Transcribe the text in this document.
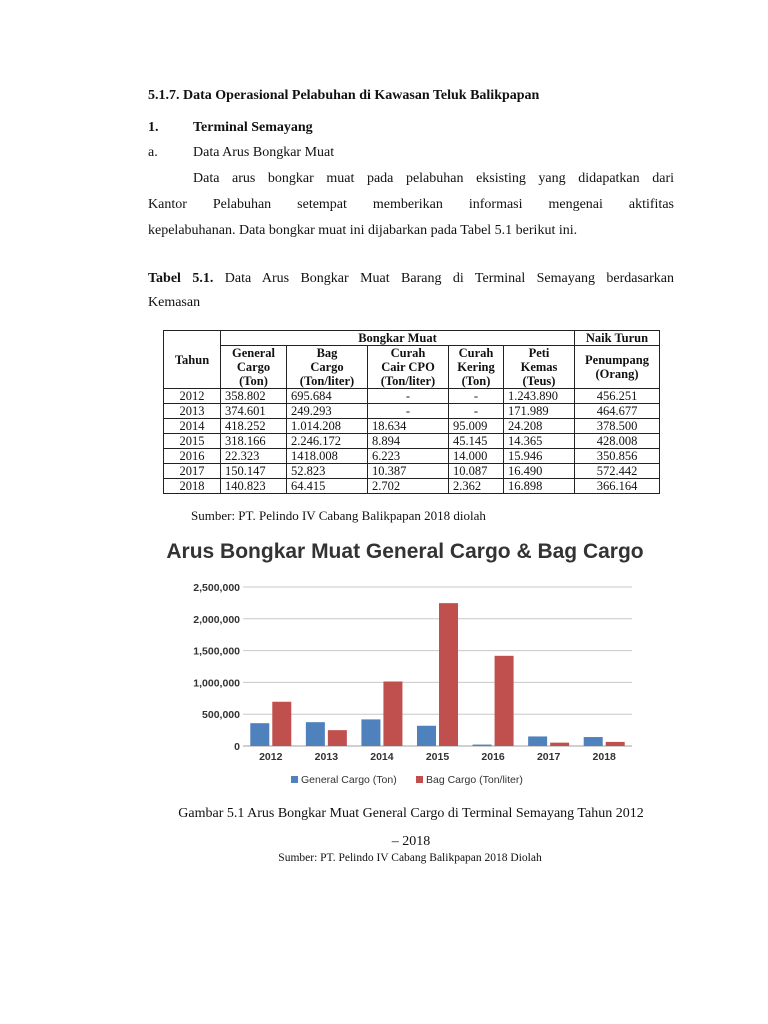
5.1.7. Data Operasional Pelabuhan di Kawasan Teluk Balikpapan
1. Terminal Semayang
a.	Data Arus Bongkar Muat
Data arus bongkar muat pada pelabuhan eksisting yang didapatkan dari
Kantor Pelabuhan setempat memberikan informasi mengenai aktifitas
kepelabuhanan. Data bongkar muat ini dijabarkan pada Tabel 5.1 berikut ini.
Tabel 5.1. Data Arus Bongkar Muat Barang di Terminal Semayang berdasarkan
Kemasan
Tahun	Bongkar Muat					Naik Turun
	General
Cargo
(Ton)	Bag
Cargo
(Ton/liter)	Curah
Cair CPO
(Ton/liter)	Curah
Kering
(Ton)	Peti
Kemas
(Teus)	Penumpang
(Orang)
2012	358.802	695.684	-	-	1.243.890	456.251
2013	374.601	249.293	-	-	171.989	464.677
2014	418.252	1.014.208	18.634	95.009	24.208	378.500
2015	318.166	2.246.172	8.894	45.145	14.365	428.008
2016	22.323	1418.008	6.223	14.000	15.946	350.856
2017	150.147	52.823	10.387	10.087	16.490	572.442
2018	140.823	64.415	2.702	2.362	16.898	366.164
Sumber: PT. Pelindo IV Cabang Balikpapan 2018 diolah
Arus Bongkar Muat General Cargo & Bag Cargo
0
500,000
1,000,000
1,500,000
2,000,000
2,500,000
2012	2013	2014	2015	2016	2017	2018
General Cargo (Ton)	Bag Cargo (Ton/liter)
Gambar 5.1 Arus Bongkar Muat General Cargo di Terminal Semayang Tahun 2012
– 2018
Sumber: PT. Pelindo IV Cabang Balikpapan 2018 Diolah
